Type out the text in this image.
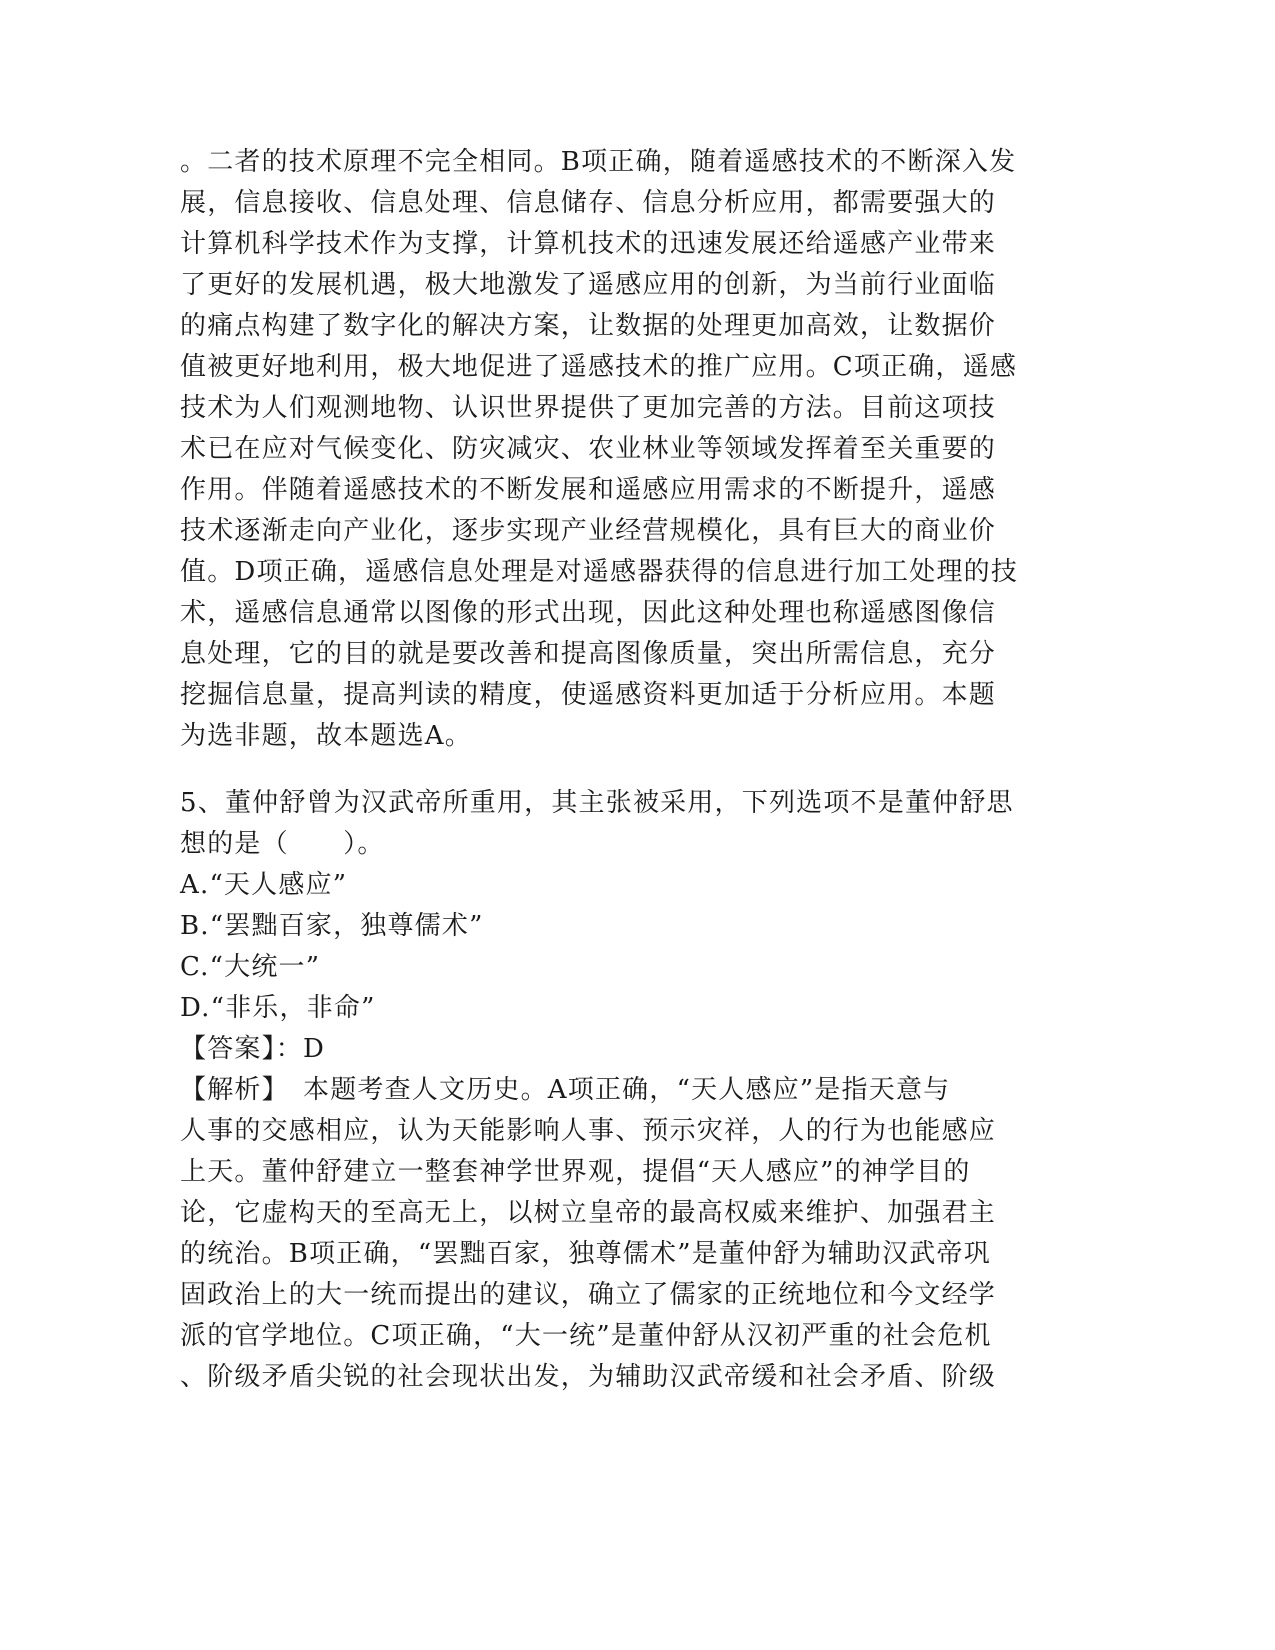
。二者的技术原理不完全相同。B项正确，随着遥感技术的不断深入发
展，信息接收、信息处理、信息储存、信息分析应用，都需要强大的
计算机科学技术作为支撑，计算机技术的迅速发展还给遥感产业带来
了更好的发展机遇，极大地激发了遥感应用的创新，为当前行业面临
的痛点构建了数字化的解决方案，让数据的处理更加高效，让数据价
值被更好地利用，极大地促进了遥感技术的推广应用。C项正确，遥感
技术为人们观测地物、认识世界提供了更加完善的方法。目前这项技
术已在应对气候变化、防灾减灾、农业林业等领域发挥着至关重要的
作用。伴随着遥感技术的不断发展和遥感应用需求的不断提升，遥感
技术逐渐走向产业化，逐步实现产业经营规模化，具有巨大的商业价
值。D项正确，遥感信息处理是对遥感器获得的信息进行加工处理的技
术，遥感信息通常以图像的形式出现，因此这种处理也称遥感图像信
息处理，它的目的就是要改善和提高图像质量，突出所需信息，充分
挖掘信息量，提高判读的精度，使遥感资料更加适于分析应用。本题
为选非题，故本题选A。
5、董仲舒曾为汉武帝所重用，其主张被采用，下列选项不是董仲舒思
想的是（　　）。
A.“天人感应”
B.“罢黜百家，独尊儒术”
C.“大统一”
D.“非乐，非命”
【答案】：D
【解析】　本题考查人文历史。A项正确，“天人感应”是指天意与
人事的交感相应，认为天能影响人事、预示灾祥，人的行为也能感应
上天。董仲舒建立一整套神学世界观，提倡“天人感应”的神学目的
论，它虚构天的至高无上，以树立皇帝的最高权威来维护、加强君主
的统治。B项正确，“罢黜百家，独尊儒术”是董仲舒为辅助汉武帝巩
固政治上的大一统而提出的建议，确立了儒家的正统地位和今文经学
派的官学地位。C项正确，“大一统”是董仲舒从汉初严重的社会危机
、阶级矛盾尖锐的社会现状出发，为辅助汉武帝缓和社会矛盾、阶级
